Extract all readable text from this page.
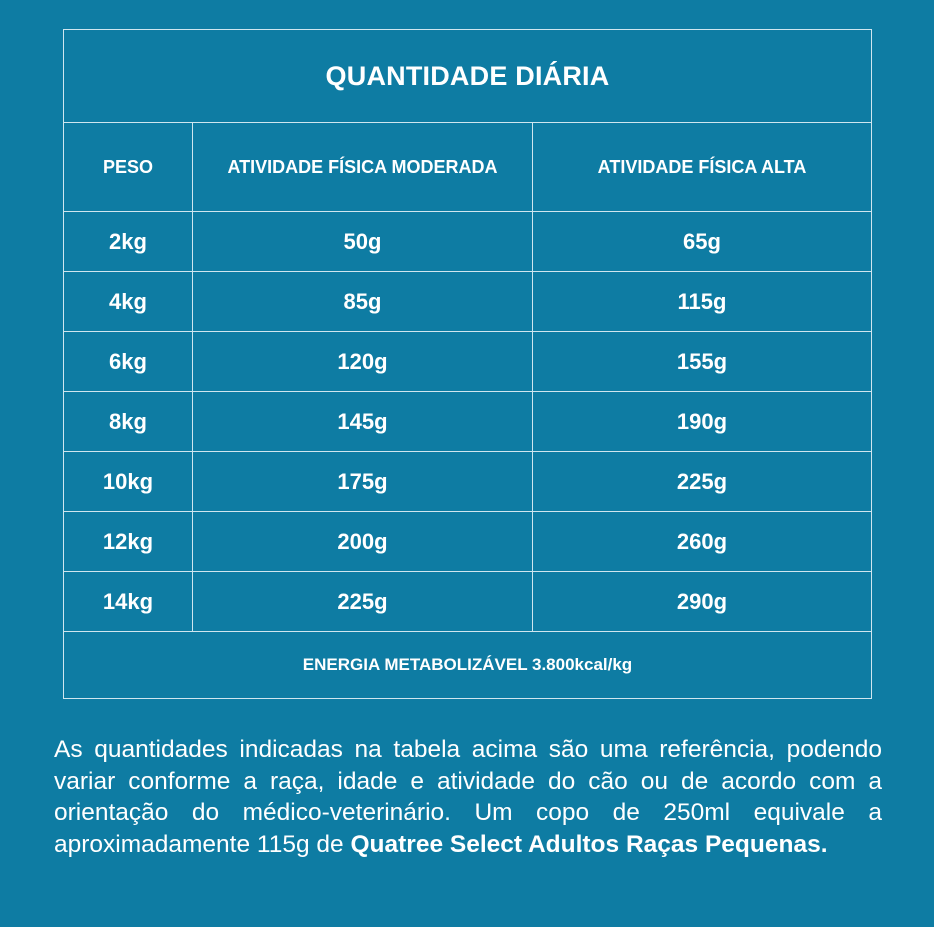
QUANTIDADE DIÁRIA		
PESO	ATIVIDADE FÍSICA MODERADA	ATIVIDADE FÍSICA ALTA
2kg	50g	65g
4kg	85g	115g
6kg	120g	155g
8kg	145g	190g
10kg	175g	225g
12kg	200g	260g
14kg	225g	290g
ENERGIA METABOLIZÁVEL 3.800kcal/kg		

As quantidades indicadas na tabela acima são uma referência, podendo variar conforme a raça, idade e atividade do cão ou de acordo com a orientação do médico-veterinário. Um copo de 250ml equivale a aproximadamente 115g de Quatree Select Adultos Raças Pequenas.
